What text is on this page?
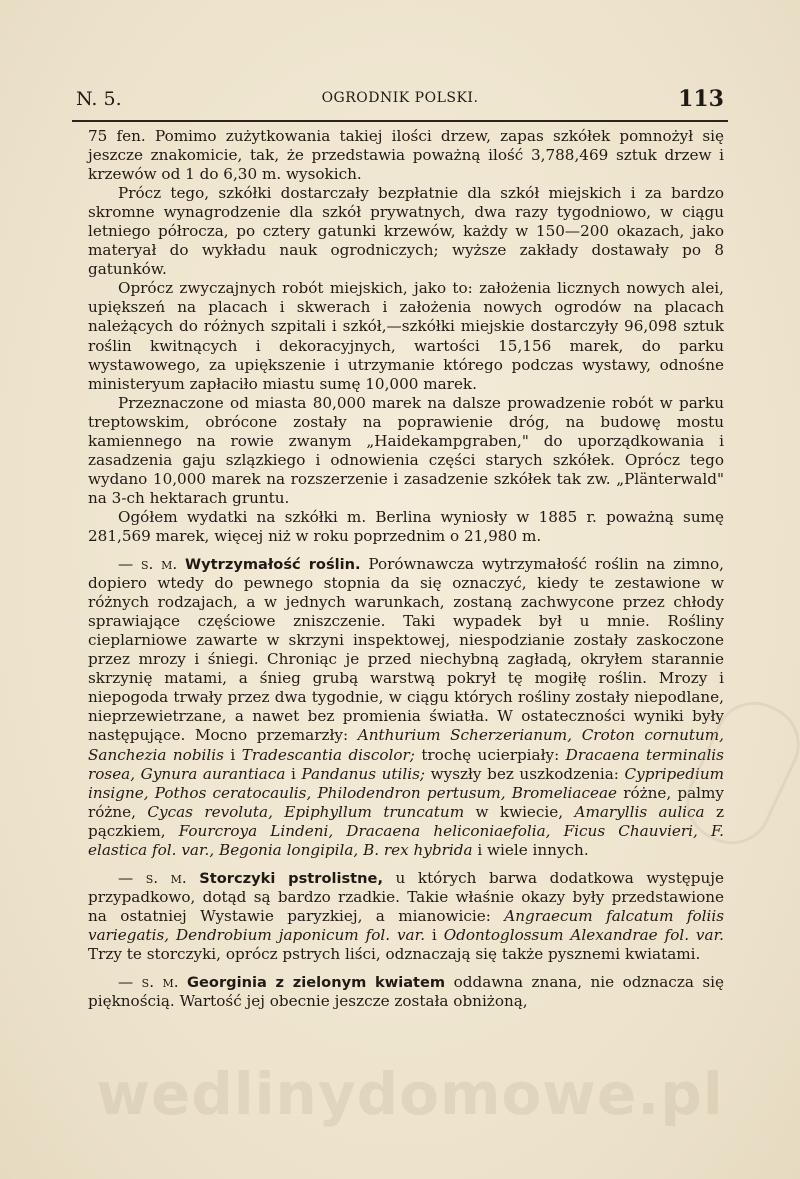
N. 5.	OGRODNIK POLSKI.	113

75 fen. Pomimo zużytkowania takiej ilości drzew, zapas szkółek pomnożył się jeszcze znakomicie, tak, że przedstawia poważną ilość 3,788,469 sztuk drzew i krzewów od 1 do 6,30 m. wysokich.

Prócz tego, szkółki dostarczały bezpłatnie dla szkół miejskich i za bardzo skromne wynagrodzenie dla szkół prywatnych, dwa razy tygodniowo, w ciągu letniego półrocza, po cztery gatunki krzewów, każdy w 150—200 okazach, jako materyał do wykładu nauk ogrodniczych; wyższe zakłady dostawały po 8 gatunków.

Oprócz zwyczajnych robót miejskich, jako to: założenia licznych nowych alei, upiększeń na placach i skwerach i założenia nowych ogrodów na placach należących do różnych szpitali i szkół,—szkółki miejskie dostarczyły 96,098 sztuk roślin kwitnących i dekoracyjnych, wartości 15,156 marek, do parku wystawowego, za upiększenie i utrzymanie którego podczas wystawy, odnośne ministeryum zapłaciło miastu sumę 10,000 marek.

Przeznaczone od miasta 80,000 marek na dalsze prowadzenie robót w parku treptowskim, obrócone zostały na poprawienie dróg, na budowę mostu kamiennego na rowie zwanym „Haidekampgraben," do uporządkowania i zasadzenia gaju szlązkiego i odnowienia części starych szkółek. Oprócz tego wydano 10,000 marek na rozszerzenie i zasadzenie szkółek tak zw. „Plänterwald" na 3-ch hektarach gruntu.

Ogółem wydatki na szkółki m. Berlina wyniosły w 1885 r. poważną sumę 281,569 marek, więcej niż w roku poprzednim o 21,980 m.

— s. m. Wytrzymałość roślin. Porównawcza wytrzymałość roślin na zimno, dopiero wtedy do pewnego stopnia da się oznaczyć, kiedy te zestawione w różnych rodzajach, a w jednych warunkach, zostaną zachwycone przez chłody sprawiające częściowe zniszczenie. Taki wypadek był u mnie. Rośliny cieplarniowe zawarte w skrzyni inspektowej, niespodzianie zostały zaskoczone przez mrozy i śniegi. Chroniąc je przed niechybną zagładą, okryłem starannie skrzynię matami, a śnieg grubą warstwą pokrył tę mogiłę roślin. Mrozy i niepogoda trwały przez dwa tygodnie, w ciągu których rośliny zostały niepodlane, nieprzewietrzane, a nawet bez promienia światła. W ostateczności wyniki były następujące. Mocno przemarzły: Anthurium Scherzerianum, Croton cornutum, Sanchezia nobilis i Tradescantia discolor; trochę ucierpiały: Dracaena terminalis rosea, Gynura aurantiaca i Pandanus utilis; wyszły bez uszkodzenia: Cypripedium insigne, Pothos ceratocaulis, Philodendron pertusum, Bromeliaceae różne, palmy różne, Cycas revoluta, Epiphyllum truncatum w kwiecie, Amaryllis aulica z pączkiem, Fourcroya Lindeni, Dracaena heliconiaefolia, Ficus Chauvieri, F. elastica fol. var., Begonia longipila, B. rex hybrida i wiele innych.

— s. m. Storczyki pstrolistne, u których barwa dodatkowa występuje przypadkowo, dotąd są bardzo rzadkie. Takie właśnie okazy były przedstawione na ostatniej Wystawie paryzkiej, a mianowicie: Angraecum falcatum foliis variegatis, Dendrobium japonicum fol. var. i Odontoglossum Alexandrae fol. var. Trzy te storczyki, oprócz pstrych liści, odznaczają się także pysznemi kwiatami.

— s. m. Georginia z zielonym kwiatem oddawna znana, nie odznacza się pięknością. Wartość jej obecnie jeszcze została obniżoną,

wedlinydomowe.pl
